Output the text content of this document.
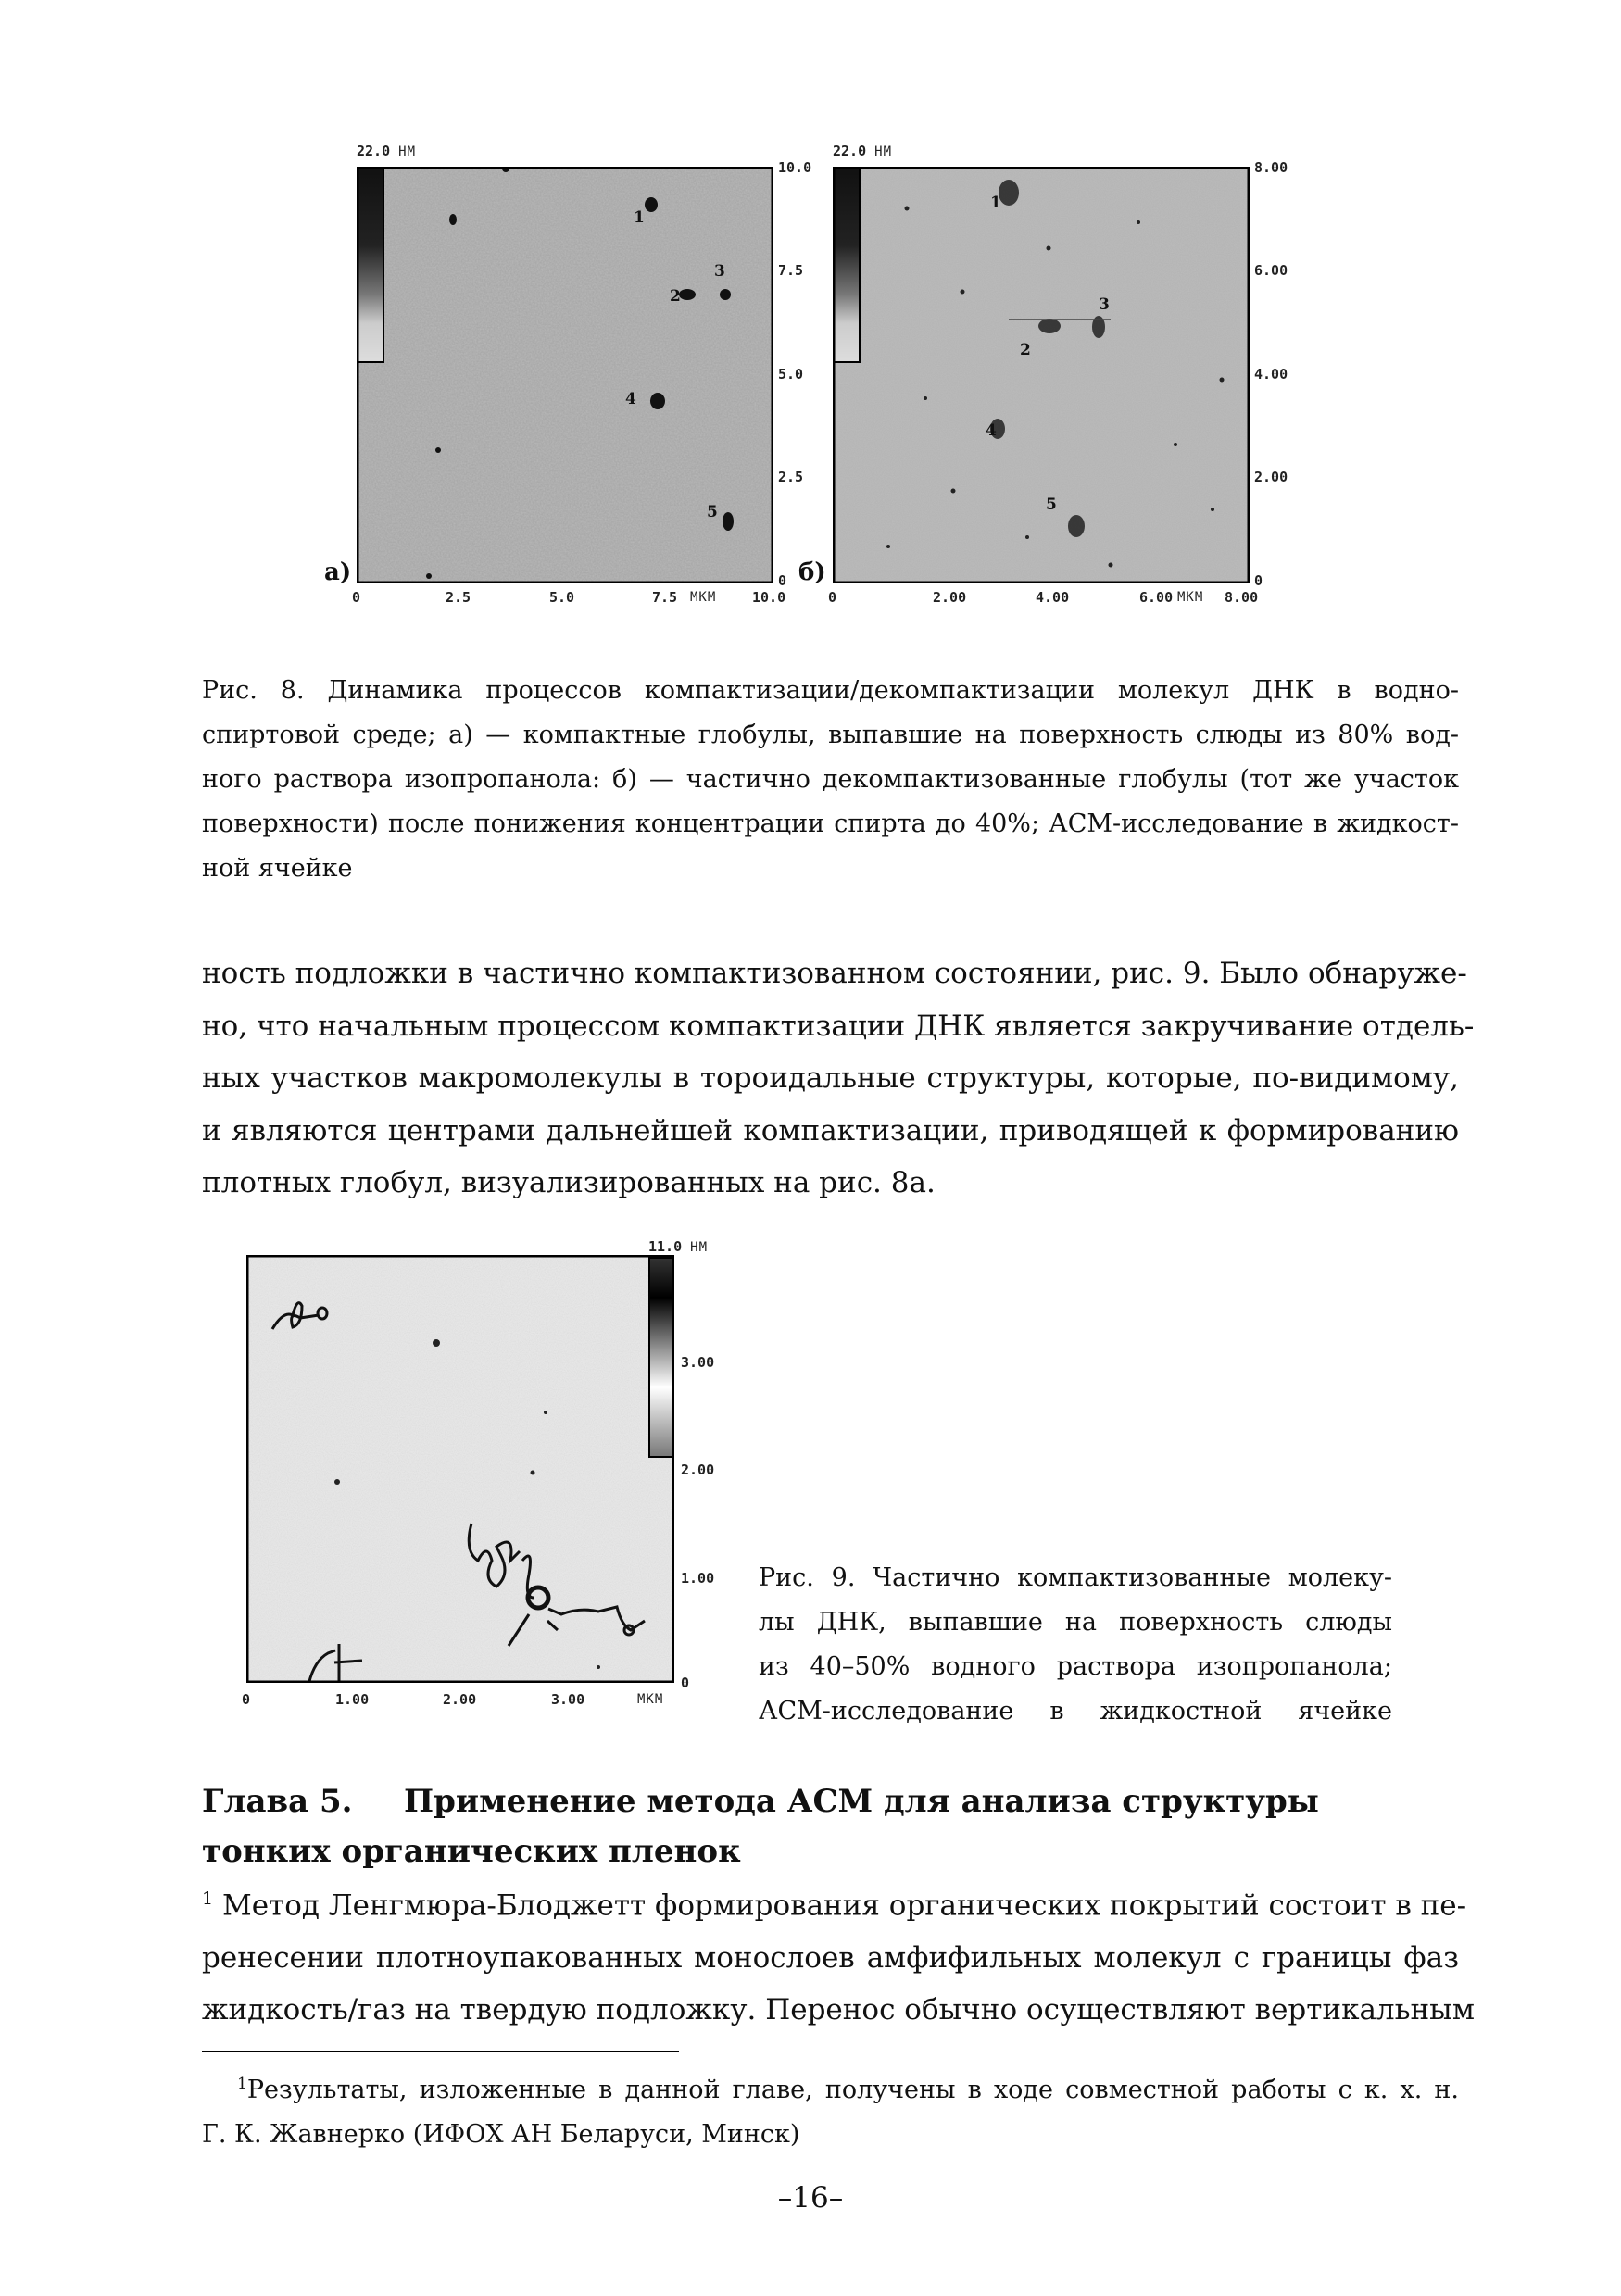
22.0 НМ
1
2
3
4
5
10.0
7.5
5.0
2.5
0
0	2.5	5.0	7.5 МКМ	10.0
а)
22.0 НМ
1
2
3
4
5
8.00
6.00
4.00
2.00
0
0	2.00	4.00	6.00 МКМ 8.00
б)
Рис. 8. Динамика процессов компактизации/декомпактизации молекул ДНК в водно-
спиртовой среде; а) — компактные глобулы, выпавшие на поверхность слюды из 80% вод-
ного раствора изопропанола: б) — частично декомпактизованные глобулы (тот же участок
поверхности) после понижения концентрации спирта до 40%; АСМ-исследование в жидкост-
ной ячейке
ность подложки в частично компактизованном состоянии, рис. 9. Было обнаруже-
но, что начальным процессом компактизации ДНК является закручивание отдель-
ных участков макромолекулы в тороидальные структуры, которые, по-видимому,
и являются центрами дальнейшей компактизации, приводящей к формированию
плотных глобул, визуализированных на рис. 8а.
11.0 НМ
3.00
2.00
1.00
0
0	1.00	2.00	3.00	МКМ
Рис. 9. Частично компактизованные молеку-
лы ДНК, выпавшие на поверхность слюды
из 40–50% водного раствора изопропанола;
АСМ-исследование в жидкостной ячейке
Глава 5. Применение метода АСМ для анализа структуры
тонких органических пленок
$^1$ Метод Ленгмюра-Блоджетт формирования органических покрытий состоит в пе-
ренесении плотноупакованных монослоев амфифильных молекул с границы фаз
жидкость/газ на твердую подложку. Перенос обычно осуществляют вертикальным
$^1$Результаты, изложенные в данной главе, получены в ходе совместной работы с к. х. н.
Г. К. Жавнерко (ИФОХ АН Беларуси, Минск)
–16–
